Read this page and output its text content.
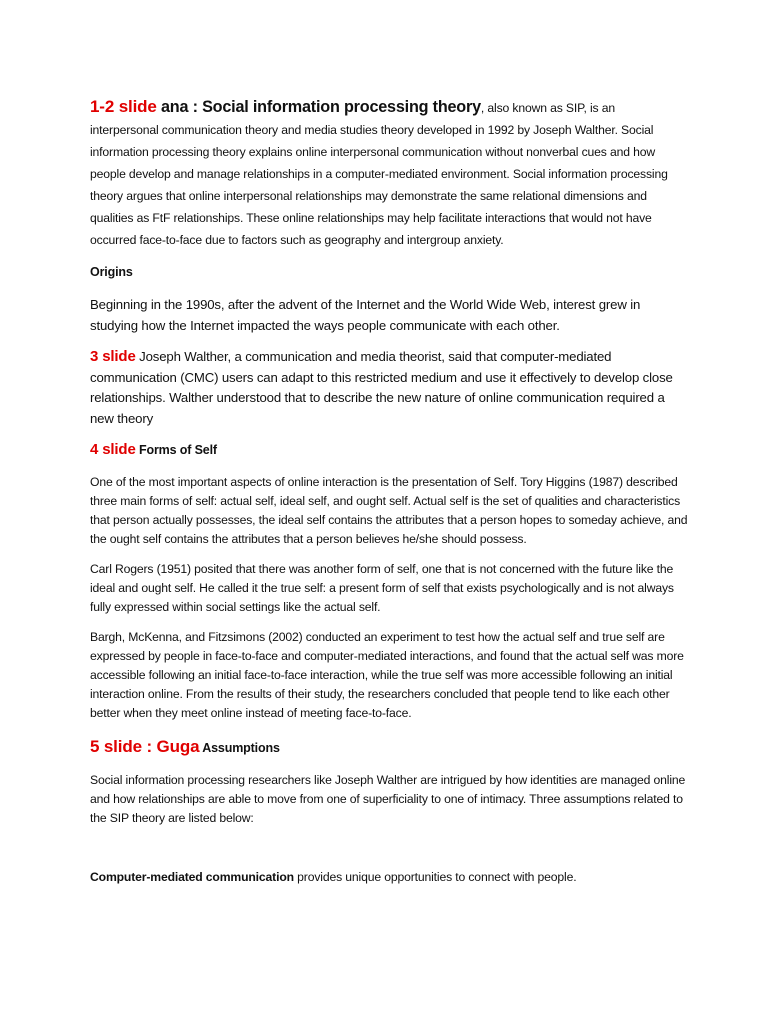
1-2 slide ana : Social information processing theory, also known as SIP, is an
interpersonal communication theory and media studies theory developed in 1992 by Joseph Walther. Social information processing theory explains online interpersonal communication without nonverbal cues and how people develop and manage relationships in a computer-mediated environment. Social information processing theory argues that online interpersonal relationships may demonstrate the same relational dimensions and qualities as FtF relationships. These online relationships may help facilitate interactions that would not have occurred face-to-face due to factors such as geography and intergroup anxiety.

Origins

Beginning in the 1990s, after the advent of the Internet and the World Wide Web, interest grew in studying how the Internet impacted the ways people communicate with each other.

3 slide Joseph Walther, a communication and media theorist, said that computer-mediated communication (CMC) users can adapt to this restricted medium and use it effectively to develop close relationships. Walther understood that to describe the new nature of online communication required a new theory

4 slide Forms of Self

One of the most important aspects of online interaction is the presentation of Self. Tory Higgins (1987) described three main forms of self: actual self, ideal self, and ought self. Actual self is the set of qualities and characteristics that person actually possesses, the ideal self contains the attributes that a person hopes to someday achieve, and the ought self contains the attributes that a person believes he/she should possess.

Carl Rogers (1951) posited that there was another form of self, one that is not concerned with the future like the ideal and ought self. He called it the true self: a present form of self that exists psychologically and is not always fully expressed within social settings like the actual self.

Bargh, McKenna, and Fitzsimons (2002) conducted an experiment to test how the actual self and true self are expressed by people in face-to-face and computer-mediated interactions, and found that the actual self was more accessible following an initial face-to-face interaction, while the true self was more accessible following an initial interaction online. From the results of their study, the researchers concluded that people tend to like each other better when they meet online instead of meeting face-to-face.

5 slide : Guga Assumptions

Social information processing researchers like Joseph Walther are intrigued by how identities are managed online and how relationships are able to move from one of superficiality to one of intimacy. Three assumptions related to the SIP theory are listed below:

Computer-mediated communication provides unique opportunities to connect with people.
